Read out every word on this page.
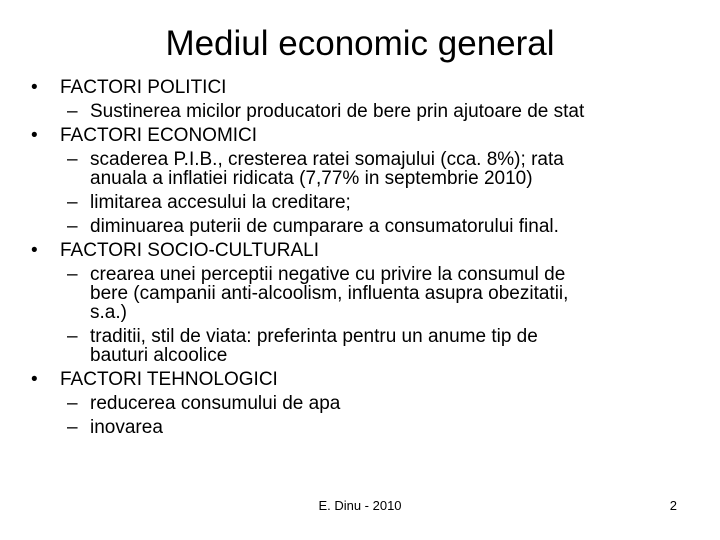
Mediul economic general
• FACTORI POLITICI
– Sustinerea micilor producatori de bere prin ajutoare de stat
• FACTORI ECONOMICI
– scaderea P.I.B., cresterea ratei somajului (cca. 8%); rata
anuala a inflatiei ridicata (7,77% in septembrie 2010)
– limitarea accesului la creditare;
– diminuarea puterii de cumparare a consumatorului final.
• FACTORI SOCIO-CULTURALI
– crearea unei perceptii negative cu privire la consumul de
bere (campanii anti-alcoolism, influenta asupra obezitatii,
s.a.)
– traditii, stil de viata: preferinta pentru un anume tip de
bauturi alcoolice
• FACTORI TEHNOLOGICI
– reducerea consumului de apa
– inovarea
E. Dinu - 2010	2
